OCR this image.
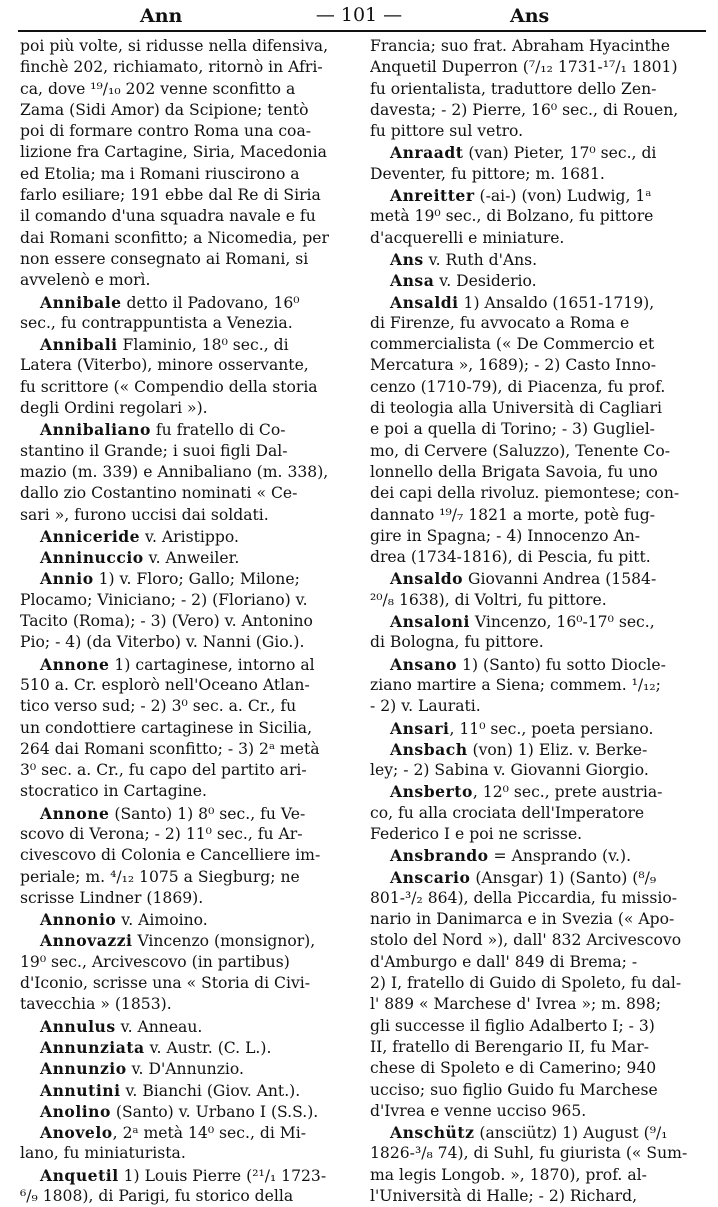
Ann	— 101 —	Ans
poi più volte, si ridusse nella difensiva,
finchè 202, richiamato, ritornò in Afri-
ca, dove ¹⁹/₁₀ 202 venne sconfitto a
Zama (Sidi Amor) da Scipione; tentò
poi di formare contro Roma una coa-
lizione fra Cartagine, Siria, Macedonia
ed Etolia; ma i Romani riuscirono a
farlo esiliare; 191 ebbe dal Re di Siria
il comando d'una squadra navale e fu
dai Romani sconfitto; a Nicomedia, per
non essere consegnato ai Romani, si
avvelenò e morì.
Annibale detto il Padovano, 16⁰
sec., fu contrappuntista a Venezia.
Annibali Flaminio, 18⁰ sec., di
Latera (Viterbo), minore osservante,
fu scrittore (« Compendio della storia
degli Ordini regolari »).
Annibaliano fu fratello di Co-
stantino il Grande; i suoi figli Dal-
mazio (m. 339) e Annibaliano (m. 338),
dallo zio Costantino nominati « Ce-
sari », furono uccisi dai soldati.
Anniceride v. Aristippo.
Anninuccio v. Anweiler.
Annio 1) v. Floro; Gallo; Milone;
Plocamo; Viniciano; - 2) (Floriano) v.
Tacito (Roma); - 3) (Vero) v. Antonino
Pio; - 4) (da Viterbo) v. Nanni (Gio.).
Annone 1) cartaginese, intorno al
510 a. Cr. esplorò nell'Oceano Atlan-
tico verso sud; - 2) 3⁰ sec. a. Cr., fu
un condottiere cartaginese in Sicilia,
264 dai Romani sconfitto; - 3) 2ᵃ metà
3⁰ sec. a. Cr., fu capo del partito ari-
stocratico in Cartagine.
Annone (Santo) 1) 8⁰ sec., fu Ve-
scovo di Verona; - 2) 11⁰ sec., fu Ar-
civescovo di Colonia e Cancelliere im-
periale; m. ⁴/₁₂ 1075 a Siegburg; ne
scrisse Lindner (1869).
Annonio v. Aimoino.
Annovazzi Vincenzo (monsignor),
19⁰ sec., Arcivescovo (in partibus)
d'Iconio, scrisse una « Storia di Civi-
tavecchia » (1853).
Annulus v. Anneau.
Annunziata v. Austr. (C. L.).
Annunzio v. D'Annunzio.
Annutini v. Bianchi (Giov. Ant.).
Anolino (Santo) v. Urbano I (S.S.).
Anovelo, 2ᵃ metà 14⁰ sec., di Mi-
lano, fu miniaturista.
Anquetil 1) Louis Pierre (²¹/₁ 1723-
⁶/₉ 1808), di Parigi, fu storico della
Francia; suo frat. Abraham Hyacinthe
Anquetil Duperron (⁷/₁₂ 1731-¹⁷/₁ 1801)
fu orientalista, traduttore dello Zen-
davesta; - 2) Pierre, 16⁰ sec., di Rouen,
fu pittore sul vetro.
Anraadt (van) Pieter, 17⁰ sec., di
Deventer, fu pittore; m. 1681.
Anreitter (-ai-) (von) Ludwig, 1ᵃ
metà 19⁰ sec., di Bolzano, fu pittore
d'acquerelli e miniature.
Ans v. Ruth d'Ans.
Ansa v. Desiderio.
Ansaldi 1) Ansaldo (1651-1719),
di Firenze, fu avvocato a Roma e
commercialista (« De Commercio et
Mercatura », 1689); - 2) Casto Inno-
cenzo (1710-79), di Piacenza, fu prof.
di teologia alla Università di Cagliari
e poi a quella di Torino; - 3) Gugliel-
mo, di Cervere (Saluzzo), Tenente Co-
lonnello della Brigata Savoia, fu uno
dei capi della rivoluz. piemontese; con-
dannato ¹⁹/₇ 1821 a morte, potè fug-
gire in Spagna; - 4) Innocenzo An-
drea (1734-1816), di Pescia, fu pitt.
Ansaldo Giovanni Andrea (1584-
²⁰/₈ 1638), di Voltri, fu pittore.
Ansaloni Vincenzo, 16⁰-17⁰ sec.,
di Bologna, fu pittore.
Ansano 1) (Santo) fu sotto Diocle-
ziano martire a Siena; commem. ¹/₁₂;
- 2) v. Laurati.
Ansari, 11⁰ sec., poeta persiano.
Ansbach (von) 1) Eliz. v. Berke-
ley; - 2) Sabina v. Giovanni Giorgio.
Ansberto, 12⁰ sec., prete austria-
co, fu alla crociata dell'Imperatore
Federico I e poi ne scrisse.
Ansbrando = Ansprando (v.).
Anscario (Ansgar) 1) (Santo) (⁸/₉
801-³/₂ 864), della Piccardia, fu missio-
nario in Danimarca e in Svezia (« Apo-
stolo del Nord »), dall' 832 Arcivescovo
d'Amburgo e dall' 849 di Brema; -
2) I, fratello di Guido di Spoleto, fu dal-
l' 889 « Marchese d' Ivrea »; m. 898;
gli successe il figlio Adalberto I; - 3)
II, fratello di Berengario II, fu Mar-
chese di Spoleto e di Camerino; 940
ucciso; suo figlio Guido fu Marchese
d'Ivrea e venne ucciso 965.
Anschütz (ansciütz) 1) August (⁹/₁
1826-³/₈ 74), di Suhl, fu giurista (« Sum-
ma legis Longob. », 1870), prof. al-
l'Università di Halle; - 2) Richard,
